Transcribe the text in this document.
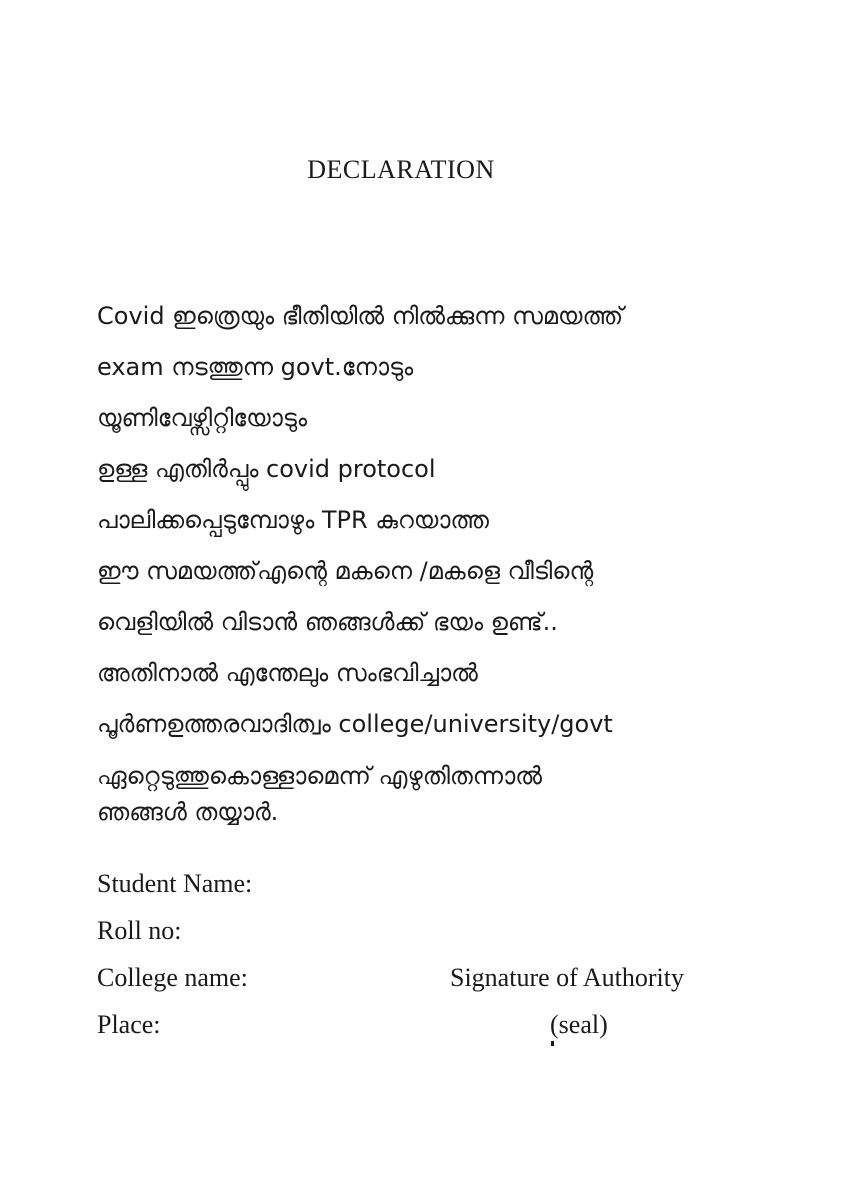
DECLARATION
Covid ഇത്രെയും ഭീതിയിൽ നിൽക്കുന്ന സമയത്ത്
exam നടത്തുന്ന govt.നോടും
യൂണിവേഴ്സിറ്റിയോടും
ഉള്ള എതിർപ്പും covid protocol
പാലിക്കപ്പെടുമ്പോഴും TPR കുറയാത്ത
ഈ സമയത്ത്എന്റെ മകനെ /മകളെ വീടിന്റെ
വെളിയിൽ വിടാൻ ഞങ്ങൾക്ക് ഭയം ഉണ്ട്..
അതിനാൽ എന്തേലും സംഭവിച്ചാൽ
പൂർണഉത്തരവാദിത്വം college/university/govt
ഏറ്റെടുത്തുകൊള്ളാമെന്ന് എഴുതിതന്നാൽ
ഞങ്ങൾ തയ്യാർ.
Student Name:
Roll no:
College name:	Signature of Authority
Place:	(seal)
